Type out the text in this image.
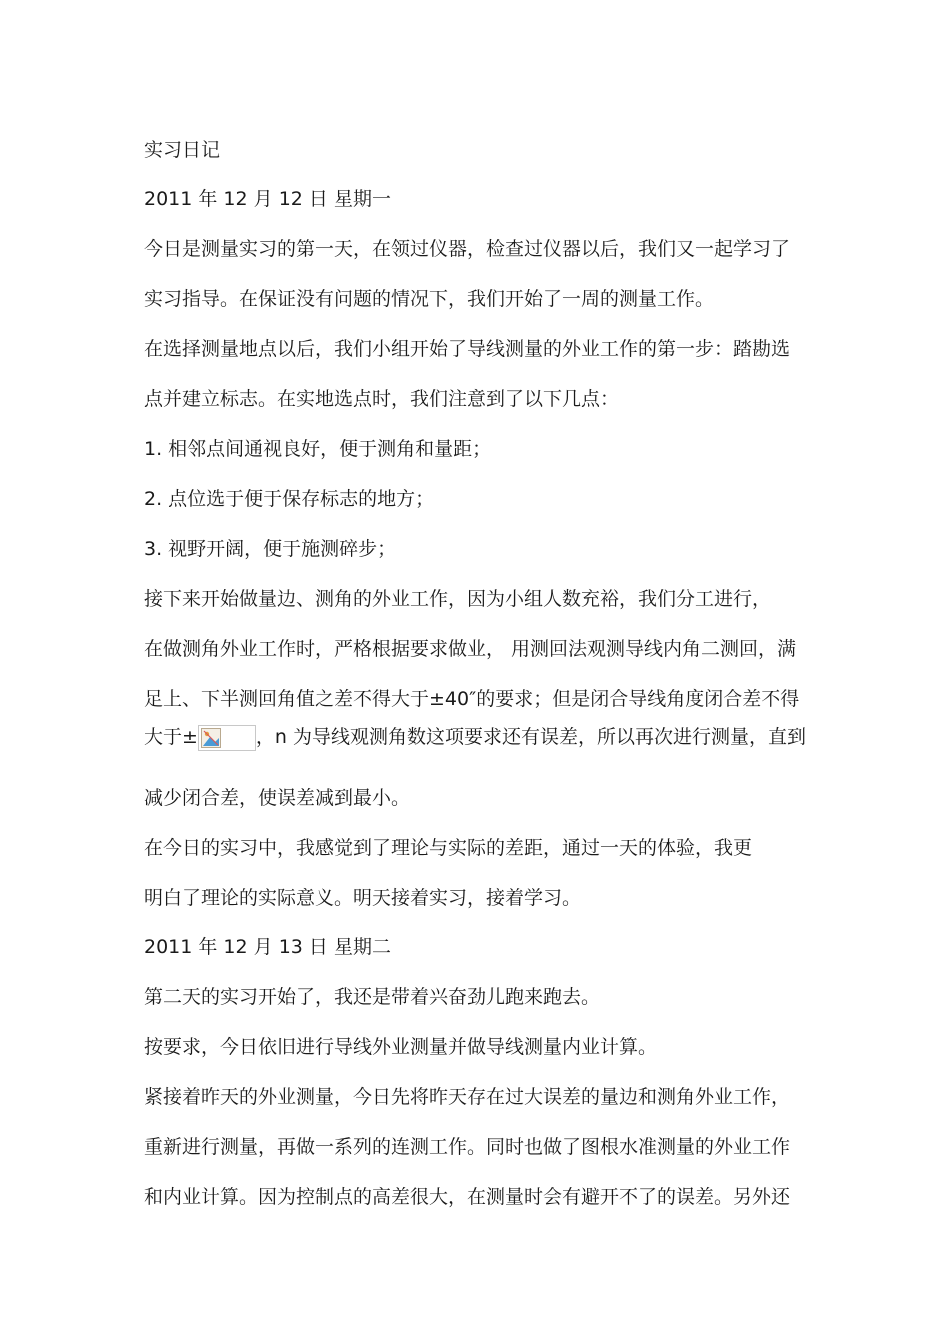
实习日记
2011 年 12 月 12 日 星期一
今日是测量实习的第一天，在领过仪器，检查过仪器以后，我们又一起学习了
实习指导。在保证没有问题的情况下，我们开始了一周的测量工作。
在选择测量地点以后，我们小组开始了导线测量的外业工作的第一步：踏勘选
点并建立标志。在实地选点时，我们注意到了以下几点：
1. 相邻点间通视良好，便于测角和量距；
2. 点位选于便于保存标志的地方；
3. 视野开阔，便于施测碎步；
接下来开始做量边、测角的外业工作，因为小组人数充裕，我们分工进行，
在做测角外业工作时，严格根据要求做业， 用测回法观测导线内角二测回，满
足上、下半测回角值之差不得大于±40″的要求；但是闭合导线角度闭合差不得
大于±	，n 为导线观测角数这项要求还有误差，所以再次进行测量，直到
减少闭合差，使误差减到最小。
在今日的实习中，我感觉到了理论与实际的差距，通过一天的体验，我更
明白了理论的实际意义。明天接着实习，接着学习。
2011 年 12 月 13 日 星期二
第二天的实习开始了，我还是带着兴奋劲儿跑来跑去。
按要求，今日依旧进行导线外业测量并做导线测量内业计算。
紧接着昨天的外业测量，今日先将昨天存在过大误差的量边和测角外业工作，
重新进行测量，再做一系列的连测工作。同时也做了图根水准测量的外业工作
和内业计算。因为控制点的高差很大，在测量时会有避开不了的误差。另外还
